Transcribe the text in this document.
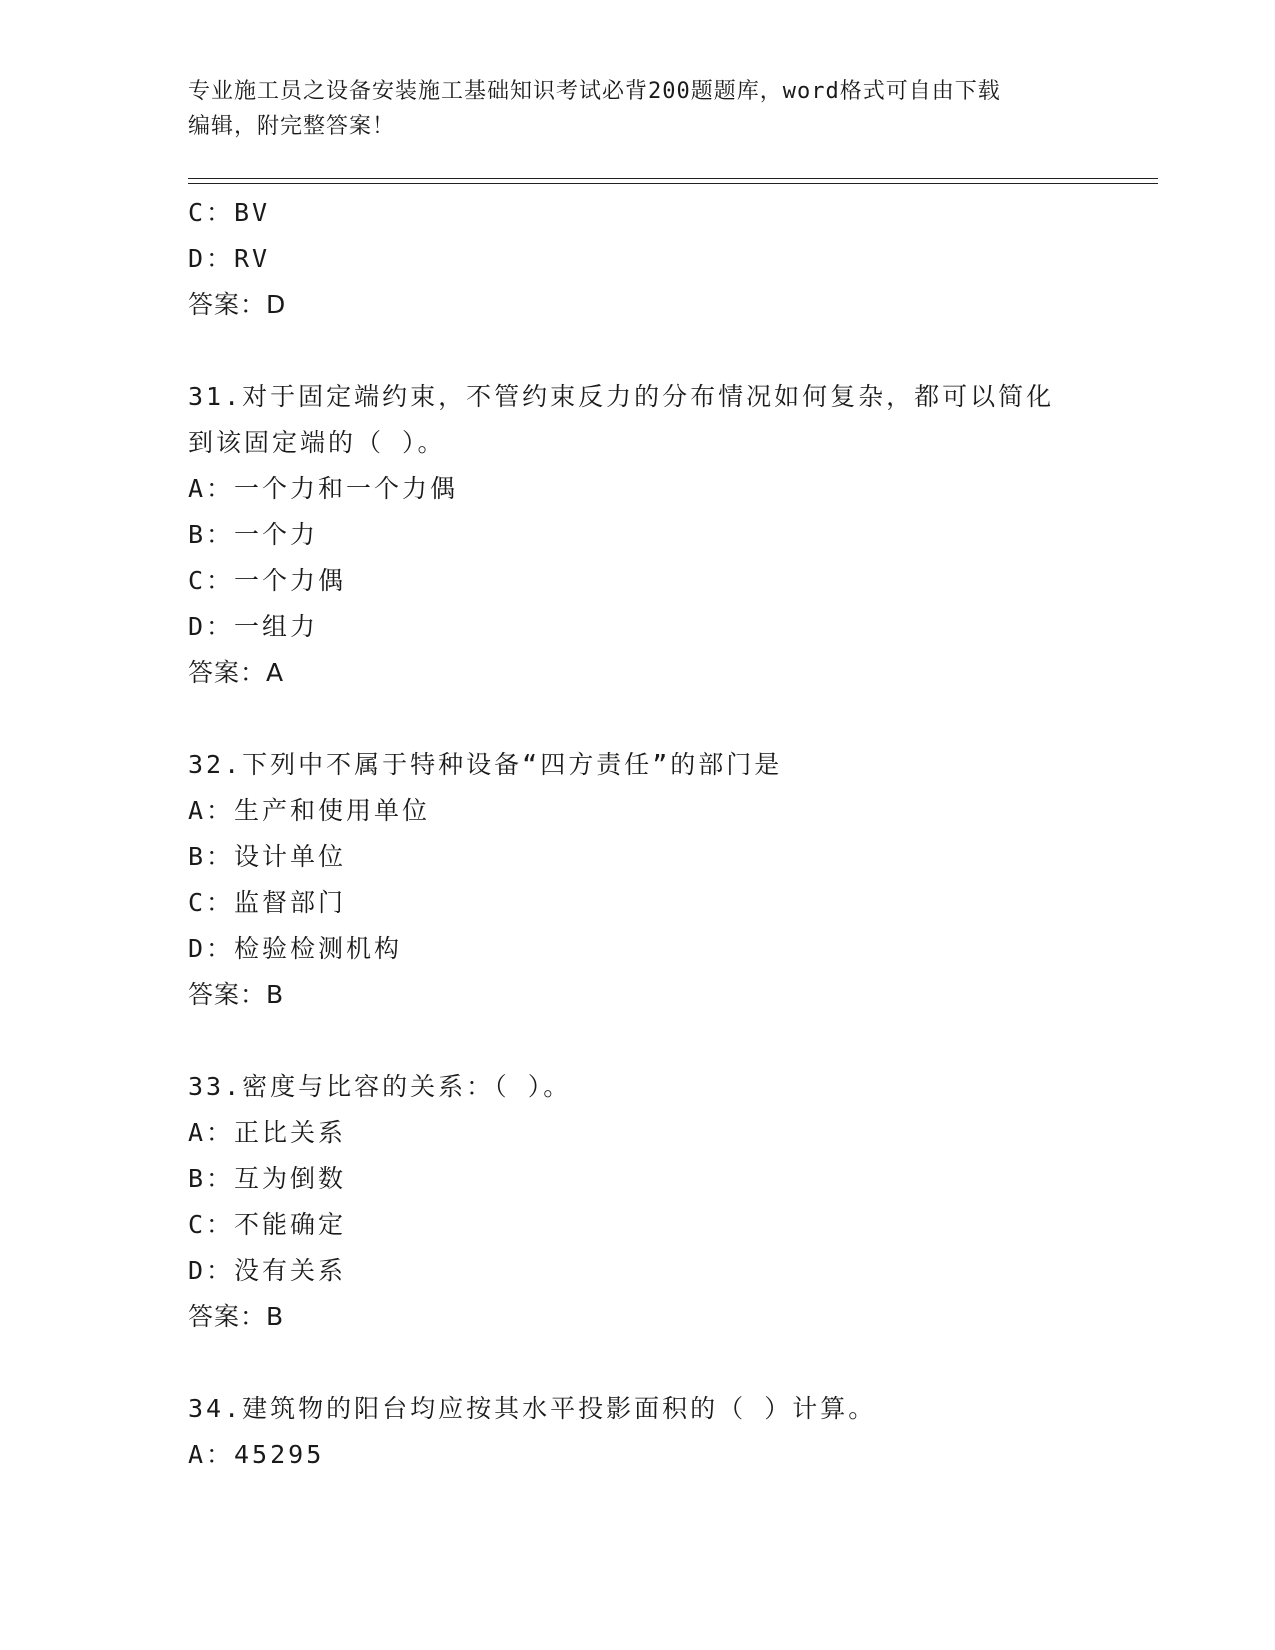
专业施工员之设备安装施工基础知识考试必背200题题库，word格式可自由下载
编辑，附完整答案！
C：BV
D：RV
答案：D
31.对于固定端约束，不管约束反力的分布情况如何复杂，都可以简化
到该固定端的（ ）。
A：一个力和一个力偶
B：一个力
C：一个力偶
D：一组力
答案：A
32.下列中不属于特种设备“四方责任”的部门是
A：生产和使用单位
B：设计单位
C：监督部门
D：检验检测机构
答案：B
33.密度与比容的关系：（ ）。
A：正比关系
B：互为倒数
C：不能确定
D：没有关系
答案：B
34.建筑物的阳台均应按其水平投影面积的（ ）计算。
A：45295
